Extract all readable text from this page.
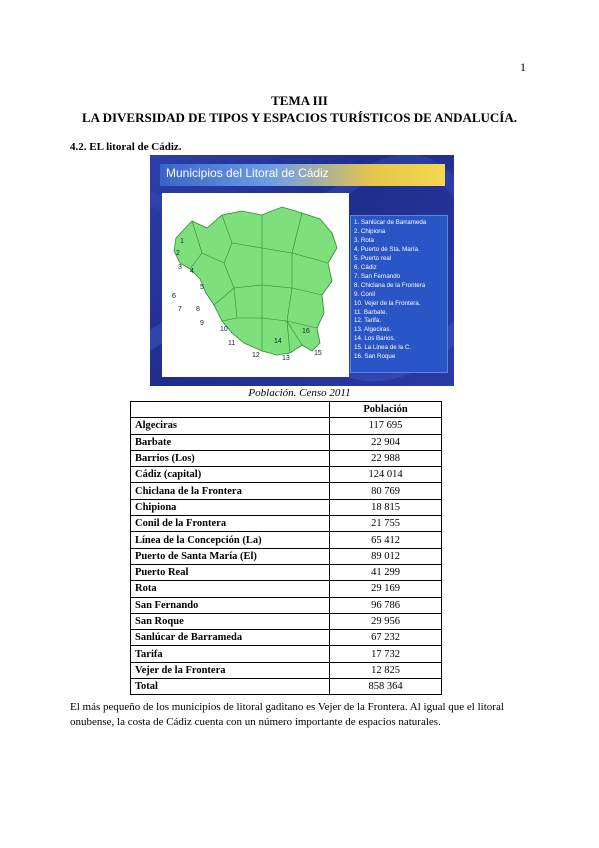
1
TEMA III
LA DIVERSIDAD DE TIPOS Y ESPACIOS TURÍSTICOS DE ANDALUCÍA.
4.2. EL litoral de Cádiz.
Municipios del Litoral de Cádiz
1
2
3
4
5
6
7 8
9
10
11
12	13
14
15
16
1. Sanlúcar de Barrameda
2. Chipiona
3. Rota
4. Puerto de Sta. María.
5. Puerto real
6. Cádiz
7. San Fernando
8. Chiclana de la Frontera
9. Conil
10. Vejer de la Frontera.
11. Barbate.
12. Tarifa.
13. Algeciras.
14. Los Barios.
15. La Linea de la C.
16. San Roque
Población. Censo 2011
	Población
Algeciras	117 695
Barbate	22 904
Barrios (Los)	22 988
Cádiz (capital)	124 014
Chiclana de la Frontera	80 769
Chipiona	18 815
Conil de la Frontera	21 755
Línea de la Concepción (La)	65 412
Puerto de Santa María (El)	89 012
Puerto Real	41 299
Rota	29 169
San Fernando	96 786
San Roque	29 956
Sanlúcar de Barrameda	67 232
Tarifa	17 732
Vejer de la Frontera	12 825
Total	858 364
El más pequeño de los municipios de litoral gaditano es Vejer de la Frontera. Al igual que el litoral onubense, la costa de Cádiz cuenta con un número importante de espacios naturales.
